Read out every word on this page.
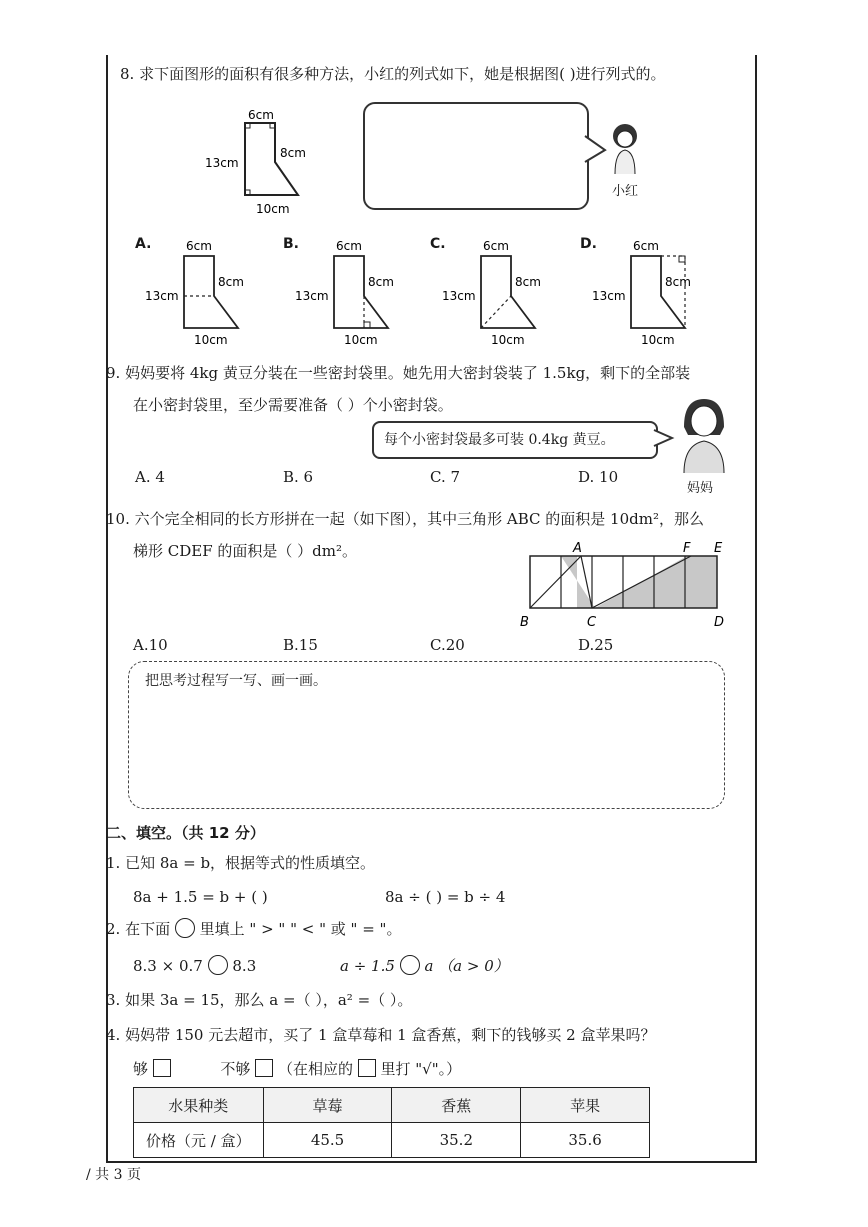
8. 求下面图形的面积有很多种方法，小红的列式如下，她是根据图( )进行列式的。
6cm
8cm
13cm
10cm
小红
A.	6cm
8cm
13cm
10cm
B.	6cm
8cm
13cm
10cm
C.	6cm
8cm
13cm
10cm
D.	6cm
8cm
13cm
10cm
9. 妈妈要将 4kg 黄豆分装在一些密封袋里。她先用大密封袋装了 1.5kg，剩下的全部装
在小密封袋里，至少需要准备（ ）个小密封袋。
每个小密封袋最多可装 0.4kg 黄豆。
妈妈
A. 4	B. 6	C. 7	D. 10
10. 六个完全相同的长方形拼在一起（如下图），其中三角形 ABC 的面积是 10dm²，那么
梯形 CDEF 的面积是（ ）dm²。	A	F E
B	C	D
A.10	B.15	C.20	D.25
把思考过程写一写、画一画。
二、填空。（共 12 分）
1. 已知 8a = b，根据等式的性质填空。
8a + 1.5 = b + ( )	8a ÷ ( ) = b ÷ 4
2. 在下面 里填上 " > " " < " 或 " = "。
8.3 × 0.7 8.3	a ÷ 1.5 a （a > 0）
3. 如果 3a = 15，那么 a =（ ），a² =（ ）。
4. 妈妈带 150 元去超市，买了 1 盒草莓和 1 盒香蕉，剩下的钱够买 2 盒苹果吗？
够	不够 （在相应的 里打 "√"。）
水果种类	草莓	香蕉	苹果
价格（元 / 盒）	45.5	35.2	35.6
/ 共 3 页
